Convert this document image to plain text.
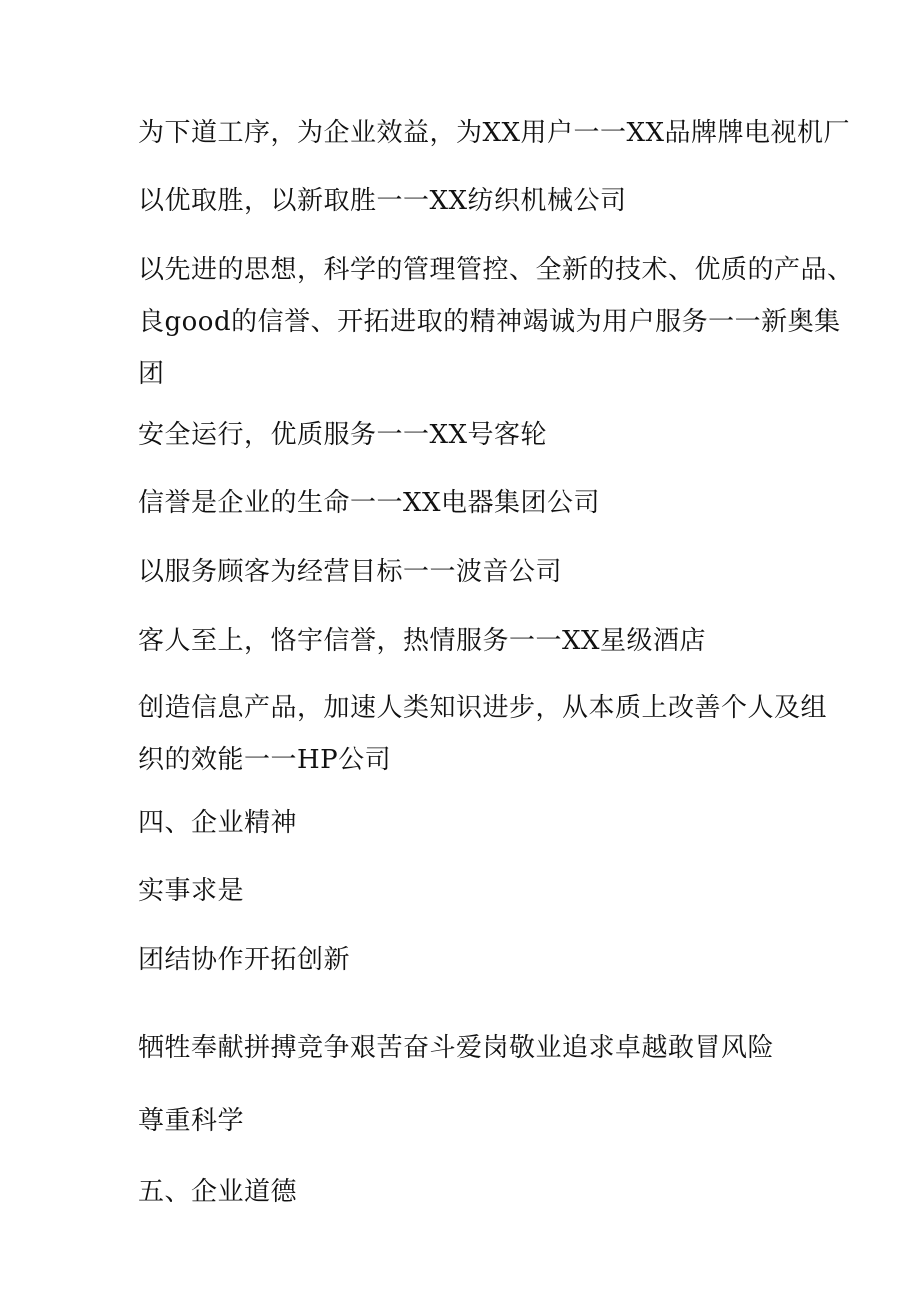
为下道工序，为企业效益，为XX用户一一XX品牌牌电视机厂
以优取胜，以新取胜一一XX纺织机械公司
以先进的思想，科学的管理管控、全新的技术、优质的产品、
良good的信誉、开拓进取的精神竭诚为用户服务一一新奥集
团
安全运行，优质服务一一XX号客轮
信誉是企业的生命一一XX电器集团公司
以服务顾客为经营目标一一波音公司
客人至上，恪宇信誉，热情服务一一XX星级酒店
创造信息产品，加速人类知识进步，从本质上改善个人及组
织的效能一一HP公司
四、企业精神
实事求是
团结协作开拓创新
牺牲奉献拼搏竞争艰苦奋斗爱岗敬业追求卓越敢冒风险
尊重科学
五、企业道德
